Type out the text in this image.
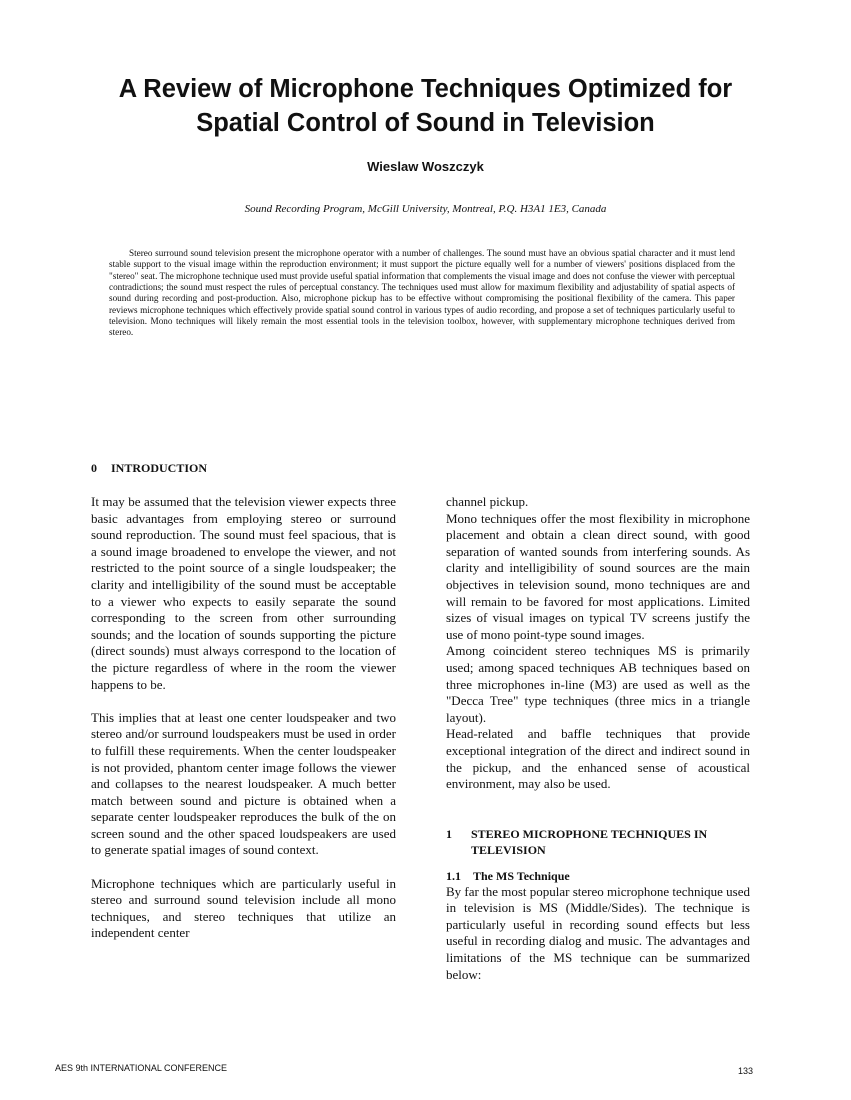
A Review of Microphone Techniques Optimized for
Spatial Control of Sound in Television
Wieslaw Woszczyk
Sound Recording Program, McGill University, Montreal, P.Q. H3A1 1E3, Canada

Stereo surround sound television present the microphone operator with a number of challenges. The sound must have an obvious spatial character and it must lend stable support to the visual image within the reproduction environment; it must support the picture equally well for a number of viewers' positions displaced from the "stereo" seat. The microphone technique used must provide useful spatial information that complements the visual image and does not confuse the viewer with perceptual contradictions; the sound must respect the rules of perceptual constancy. The techniques used must allow for maximum flexibility and adjustability of spatial aspects of sound during recording and post-production. Also, microphone pickup has to be effective without compromising the positional flexibility of the camera. This paper reviews microphone techniques which effectively provide spatial sound control in various types of audio recording, and propose a set of techniques particularly useful to television. Mono techniques will likely remain the most essential tools in the television toolbox, however, with supplementary microphone techniques derived from stereo.

0 INTRODUCTION

It may be assumed that the television viewer expects three basic advantages from employing stereo or surround sound reproduction. The sound must feel spacious, that is a sound image broadened to envelope the viewer, and not restricted to the point source of a single loudspeaker; the clarity and intelligibility of the sound must be acceptable to a viewer who expects to easily separate the sound corresponding to the screen from other surrounding sounds; and the location of sounds supporting the picture (direct sounds) must always correspond to the location of the picture regardless of where in the room the viewer happens to be.

This implies that at least one center loudspeaker and two stereo and/or surround loudspeakers must be used in order to fulfill these requirements. When the center loudspeaker is not provided, phantom center image follows the viewer and collapses to the nearest loudspeaker. A much better match between sound and picture is obtained when a separate center loudspeaker reproduces the bulk of the on screen sound and the other spaced loudspeakers are used to generate spatial images of sound context.

Microphone techniques which are particularly useful in stereo and surround sound television include all mono techniques, and stereo techniques that utilize an independent center

channel pickup.

Mono techniques offer the most flexibility in microphone placement and obtain a clean direct sound, with good separation of wanted sounds from interfering sounds. As clarity and intelligibility of sound sources are the main objectives in television sound, mono techniques are and will remain to be favored for most applications. Limited sizes of visual images on typical TV screens justify the use of mono point-type sound images.

Among coincident stereo techniques MS is primarily used; among spaced techniques AB techniques based on three microphones in-line (M3) are used as well as the "Decca Tree" type techniques (three mics in a triangle layout).

Head-related and baffle techniques that provide exceptional integration of the direct and indirect sound in the pickup, and the enhanced sense of acoustical environment, may also be used.

1 STEREO MICROPHONE TECHNIQUES IN
TELEVISION
1.1 The MS Technique

By far the most popular stereo microphone technique used in television is MS (Middle/Sides). The technique is particularly useful in recording sound effects but less useful in recording dialog and music. The advantages and limitations of the MS technique can be summarized below:

AES 9th INTERNATIONAL CONFERENCE	133
